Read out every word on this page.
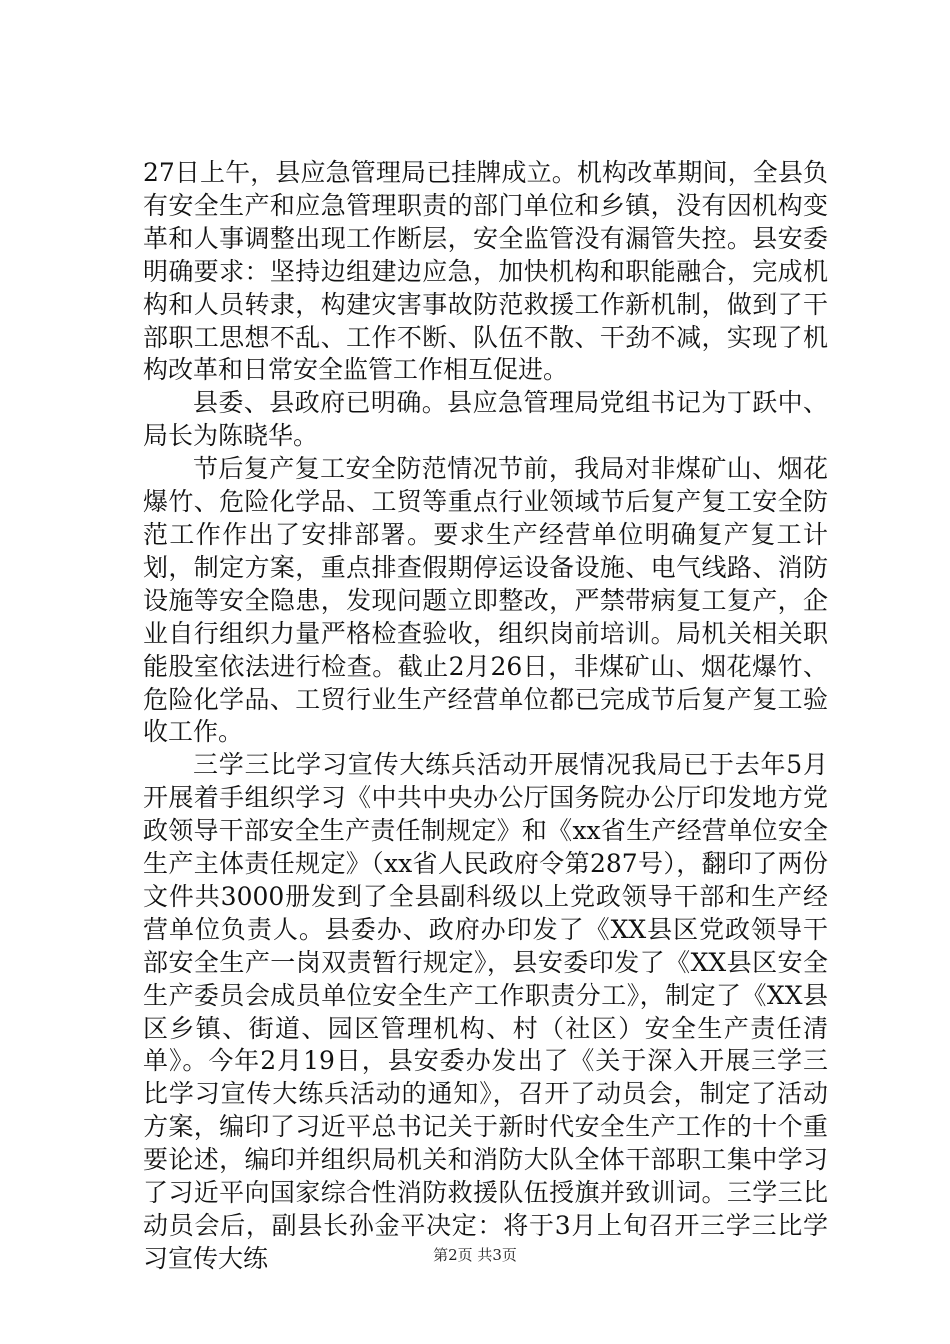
27日上午，县应急管理局已挂牌成立。机构改革期间，全县负有安全生产和应急管理职责的部门单位和乡镇，没有因机构变革和人事调整出现工作断层，安全监管没有漏管失控。县安委明确要求：坚持边组建边应急，加快机构和职能融合，完成机构和人员转隶，构建灾害事故防范救援工作新机制，做到了干部职工思想不乱、工作不断、队伍不散、干劲不减，实现了机构改革和日常安全监管工作相互促进。

县委、县政府已明确。县应急管理局党组书记为丁跃中、局长为陈晓华。

节后复产复工安全防范情况节前，我局对非煤矿山、烟花爆竹、危险化学品、工贸等重点行业领域节后复产复工安全防范工作作出了安排部署。要求生产经营单位明确复产复工计划，制定方案，重点排查假期停运设备设施、电气线路、消防设施等安全隐患，发现问题立即整改，严禁带病复工复产，企业自行组织力量严格检查验收，组织岗前培训。局机关相关职能股室依法进行检查。截止2月26日，非煤矿山、烟花爆竹、危险化学品、工贸行业生产经营单位都已完成节后复产复工验收工作。

三学三比学习宣传大练兵活动开展情况我局已于去年5月开展着手组织学习《中共中央办公厅国务院办公厅印发地方党政领导干部安全生产责任制规定》和《xx省生产经营单位安全生产主体责任规定》（xx省人民政府令第287号），翻印了两份文件共3000册发到了全县副科级以上党政领导干部和生产经营单位负责人。县委办、政府办印发了《XX县区党政领导干部安全生产一岗双责暂行规定》，县安委印发了《XX县区安全生产委员会成员单位安全生产工作职责分工》，制定了《XX县区乡镇、街道、园区管理机构、村（社区）安全生产责任清单》。今年2月19日，县安委办发出了《关于深入开展三学三比学习宣传大练兵活动的通知》，召开了动员会，制定了活动方案，编印了习近平总书记关于新时代安全生产工作的十个重要论述，编印并组织局机关和消防大队全体干部职工集中学习了习近平向国家综合性消防救援队伍授旗并致训词。三学三比动员会后，副县长孙金平决定：将于3月上旬召开三学三比学习宣传大练	第2页 共3页
